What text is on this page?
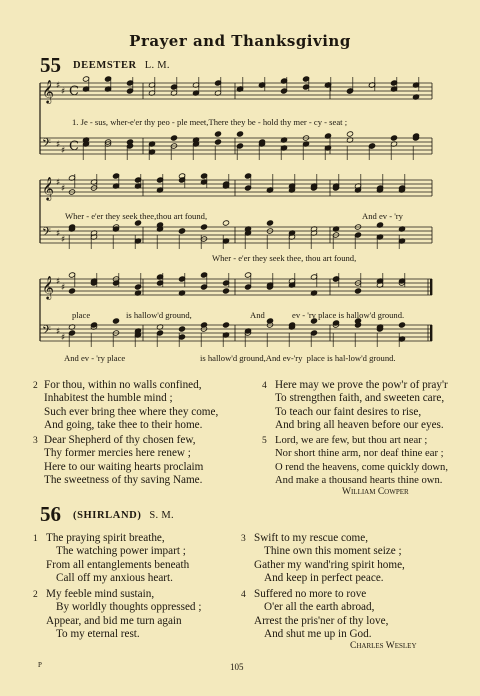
Prayer and Thanksgiving
55 DEEMSTER L. M.
𝄞 ♯
♯ C
𝄢 ♯
♯ C
𝄞 ♯
♯
𝄢 ♯
♯
𝄞 ♯
♯
𝄢 ♯
♯
1. Je - sus, wher-e'er thy peo - ple meet,There they be - hold thy mer - cy - seat ;
Wher - e'er they seek thee,thou art found,	And ev - 'ry
Wher - e'er they seek thee, thou art found,
place	is hallow'd ground,	And	ev - 'ry place is hallow'd ground.
And ev - 'ry place	is hallow'd ground,And ev-'ry  place is hal-low'd ground.
2 For thou, within no walls confined,
Inhabitest the humble mind ;
Such ever bring thee where they come,
And going, take thee to their home.
3 Dear Shepherd of thy chosen few,
Thy former mercies here renew ;
Here to our waiting hearts proclaim
The sweetness of thy saving Name.
4 Here may we prove the pow'r of pray'r
To strengthen faith, and sweeten care,
To teach our faint desires to rise,
And bring all heaven before our eyes.
5 Lord, we are few, but thou art near ;
Nor short thine arm, nor deaf thine ear ;
O rend the heavens, come quickly down,
And make a thousand hearts thine own.
William Cowper
56 (SHIRLAND) S. M.
1 The praying spirit breathe,
The watching power impart ;
From all entanglements beneath
Call off my anxious heart.
2 My feeble mind sustain,
By worldly thoughts oppressed ;
Appear, and bid me turn again
To my eternal rest.
3 Swift to my rescue come,
Thine own this moment seize ;
Gather my wand'ring spirit home,
And keep in perfect peace.
4 Suffered no more to rove
O'er all the earth abroad,
Arrest the pris'ner of thy love,
And shut me up in God.
Charles Wesley
P	105
